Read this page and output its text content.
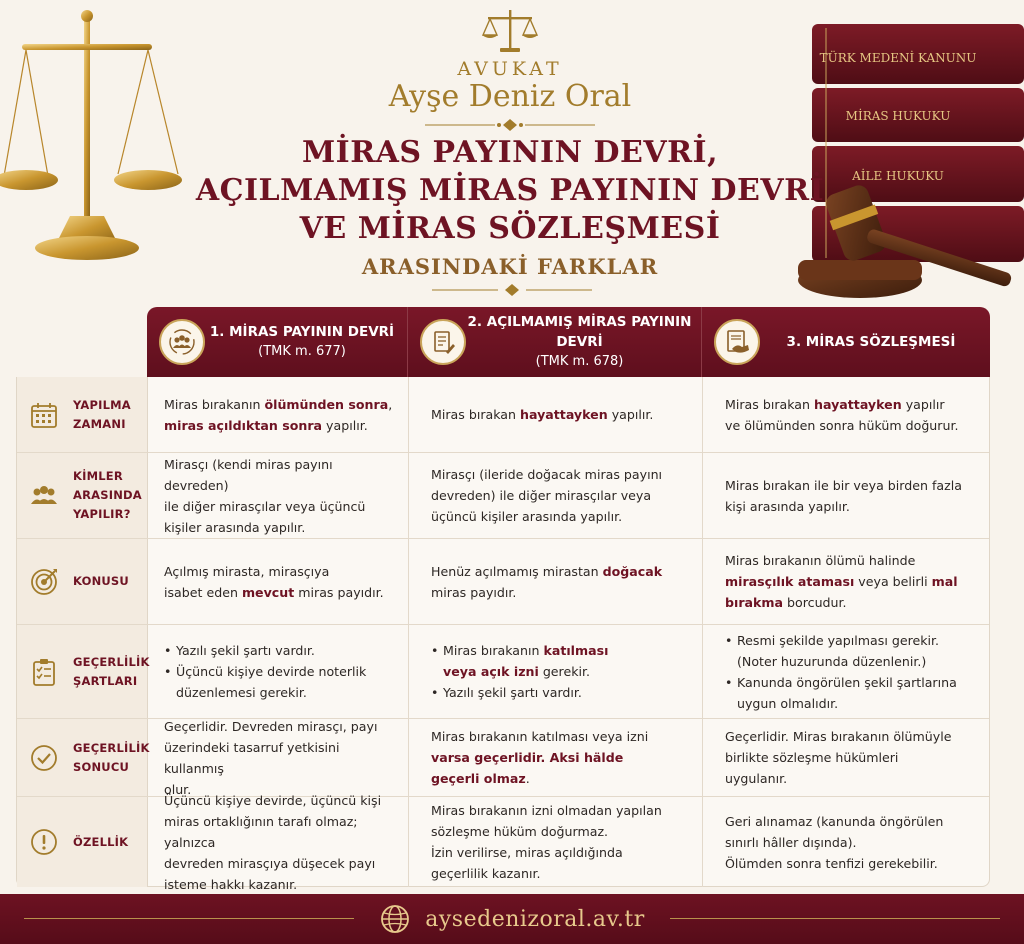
TÜRK MEDENİ KANUNU
MİRAS HUKUKU
AİLE HUKUKU
AVUKAT
Ayşe Deniz Oral
MİRAS PAYININ DEVRİ,
AÇILMAMIŞ MİRAS PAYININ DEVRİ
VE MİRAS SÖZLEŞMESİ
ARASINDAKİ FARKLAR
1. MİRAS PAYININ DEVRİ
(TMK m. 677)
2. AÇILMAMIŞ MİRAS PAYININ DEVRİ
(TMK m. 678)
3. MİRAS SÖZLEŞMESİ
YAPILMA
ZAMANI
Miras bırakanın ölümünden sonra,
miras açıldıktan sonra yapılır.
Miras bırakan hayattayken yapılır.
Miras bırakan hayattayken yapılır
ve ölümünden sonra hüküm doğurur.
KİMLER
ARASINDA
YAPILIR?
Mirasçı (kendi miras payını devreden)
ile diğer mirasçılar veya üçüncü
kişiler arasında yapılır.
Mirasçı (ileride doğacak miras payını
devreden) ile diğer mirasçılar veya
üçüncü kişiler arasında yapılır.
Miras bırakan ile bir veya birden fazla
kişi arasında yapılır.
KONUSU
Açılmış mirasta, mirasçıya
isabet eden mevcut miras payıdır.
Henüz açılmamış mirastan doğacak
miras payıdır.
Miras bırakanın ölümü halinde
mirasçılık ataması veya belirli mal
bırakma borcudur.
GEÇERLİLİK
ŞARTLARI
• Yazılı şekil şartı vardır.
• Üçüncü kişiye devirde noterlik
düzenlemesi gerekir.
• Miras bırakanın katılması
veya açık izni gerekir.
• Yazılı şekil şartı vardır.
• Resmi şekilde yapılması gerekir.
(Noter huzurunda düzenlenir.)
• Kanunda öngörülen şekil şartlarına
uygun olmalıdır.
GEÇERLİLİK
SONUCU
Geçerlidir. Devreden mirasçı, payı
üzerindeki tasarruf yetkisini kullanmış
olur.
Miras bırakanın katılması veya izni
varsa geçerlidir. Aksi hälde
geçerli olmaz.
Geçerlidir. Miras bırakanın ölümüyle
birlikte sözleşme hükümleri
uygulanır.
ÖZELLİK
Üçüncü kişiye devirde, üçüncü kişi
miras ortaklığının tarafı olmaz; yalnızca
devreden mirasçıya düşecek payı
isteme hakkı kazanır.
Miras bırakanın izni olmadan yapılan
sözleşme hüküm doğurmaz.
İzin verilirse, miras açıldığında
geçerlilik kazanır.
Geri alınamaz (kanunda öngörülen
sınırlı hâller dışında).
Ölümden sonra tenfizi gerekebilir.
aysedenizoral.av.tr
